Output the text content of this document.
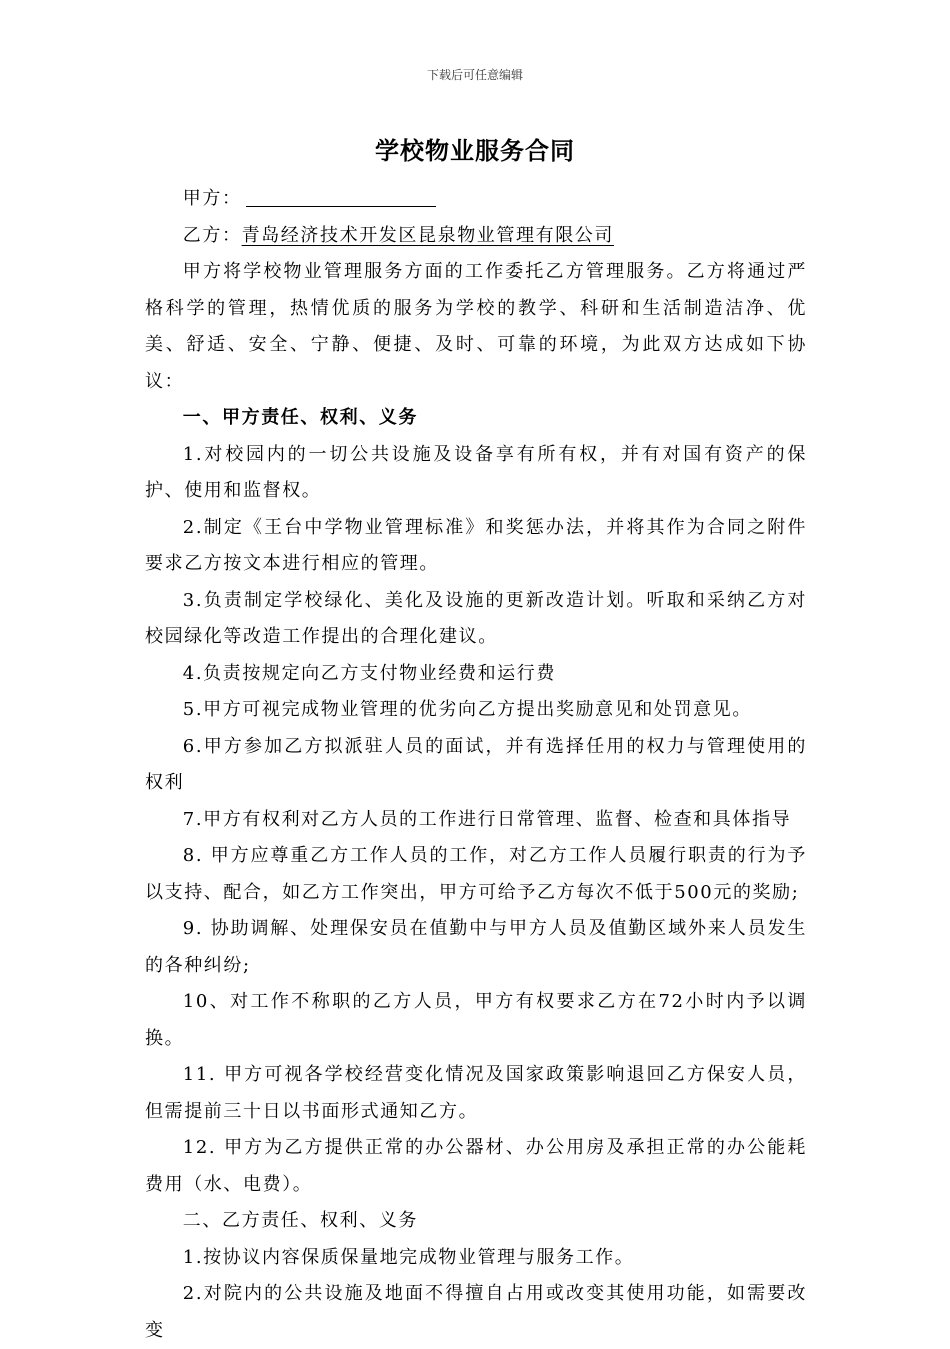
下载后可任意编辑
学校物业服务合同

甲方：

乙方：青岛经济技术开发区昆泉物业管理有限公司

甲方将学校物业管理服务方面的工作委托乙方管理服务。乙方将通过严格科学的管理，热情优质的服务为学校的教学、科研和生活制造洁净、优美、舒适、安全、宁静、便捷、及时、可靠的环境，为此双方达成如下协议：

一、甲方责任、权利、义务

1.对校园内的一切公共设施及设备享有所有权，并有对国有资产的保护、使用和监督权。

2.制定《王台中学物业管理标准》和奖惩办法，并将其作为合同之附件要求乙方按文本进行相应的管理。

3.负责制定学校绿化、美化及设施的更新改造计划。听取和采纳乙方对校园绿化等改造工作提出的合理化建议。

4.负责按规定向乙方支付物业经费和运行费

5.甲方可视完成物业管理的优劣向乙方提出奖励意见和处罚意见。

6.甲方参加乙方拟派驻人员的面试，并有选择任用的权力与管理使用的权利

7.甲方有权利对乙方人员的工作进行日常管理、监督、检查和具体指导

8. 甲方应尊重乙方工作人员的工作，对乙方工作人员履行职责的行为予以支持、配合，如乙方工作突出，甲方可给予乙方每次不低于500元的奖励;

9. 协助调解、处理保安员在值勤中与甲方人员及值勤区域外来人员发生的各种纠纷;

10、对工作不称职的乙方人员，甲方有权要求乙方在72小时内予以调换。

11. 甲方可视各学校经营变化情况及国家政策影响退回乙方保安人员，但需提前三十日以书面形式通知乙方。

12. 甲方为乙方提供正常的办公器材、办公用房及承担正常的办公能耗费用（水、电费）。

二、乙方责任、权利、义务

1.按协议内容保质保量地完成物业管理与服务工作。

2.对院内的公共设施及地面不得擅自占用或改变其使用功能，如需要改变
